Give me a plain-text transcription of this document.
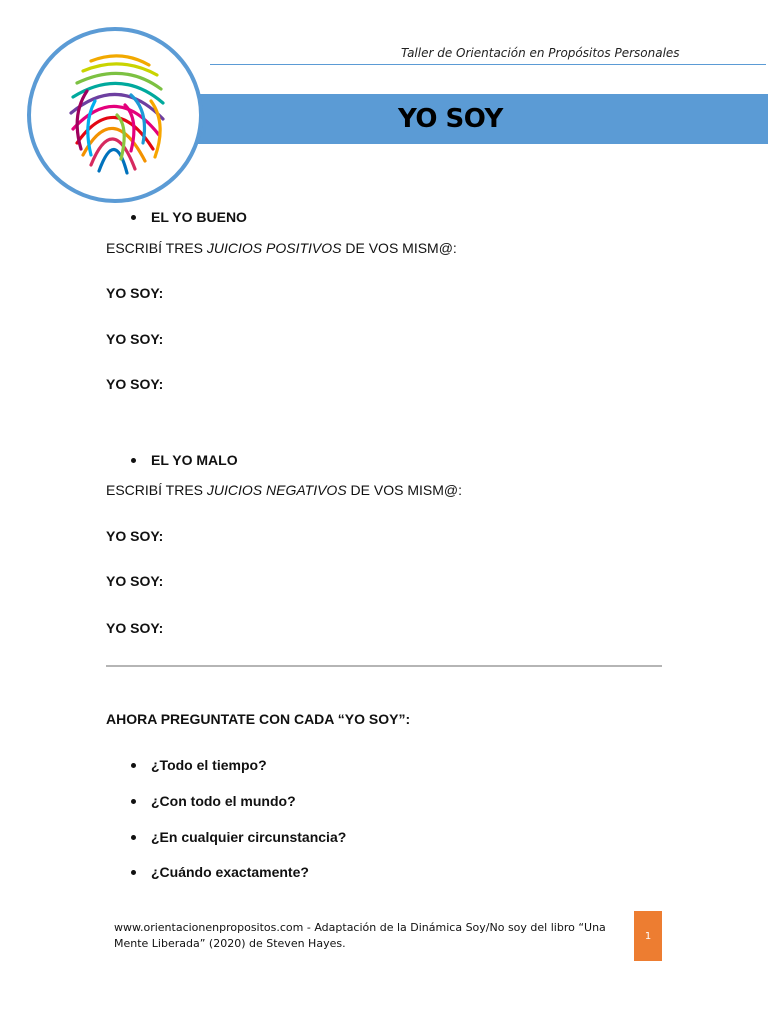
Taller de Orientación en Propósitos Personales
YO SOY
EL YO BUENO
ESCRIBÍ TRES JUICIOS POSITIVOS DE VOS MISM@:
YO SOY:
YO SOY:
YO SOY:
EL YO MALO
ESCRIBÍ TRES JUICIOS NEGATIVOS DE VOS MISM@:
YO SOY:
YO SOY:
YO SOY:
AHORA PREGUNTATE CON CADA “YO SOY”:
¿Todo el tiempo?
¿Con todo el mundo?
¿En cualquier circunstancia?
¿Cuándo exactamente?
www.orientacionenpropositos.com - Adaptación de la Dinámica Soy/No soy del libro “Una Mente Liberada” (2020) de Steven Hayes.
1
